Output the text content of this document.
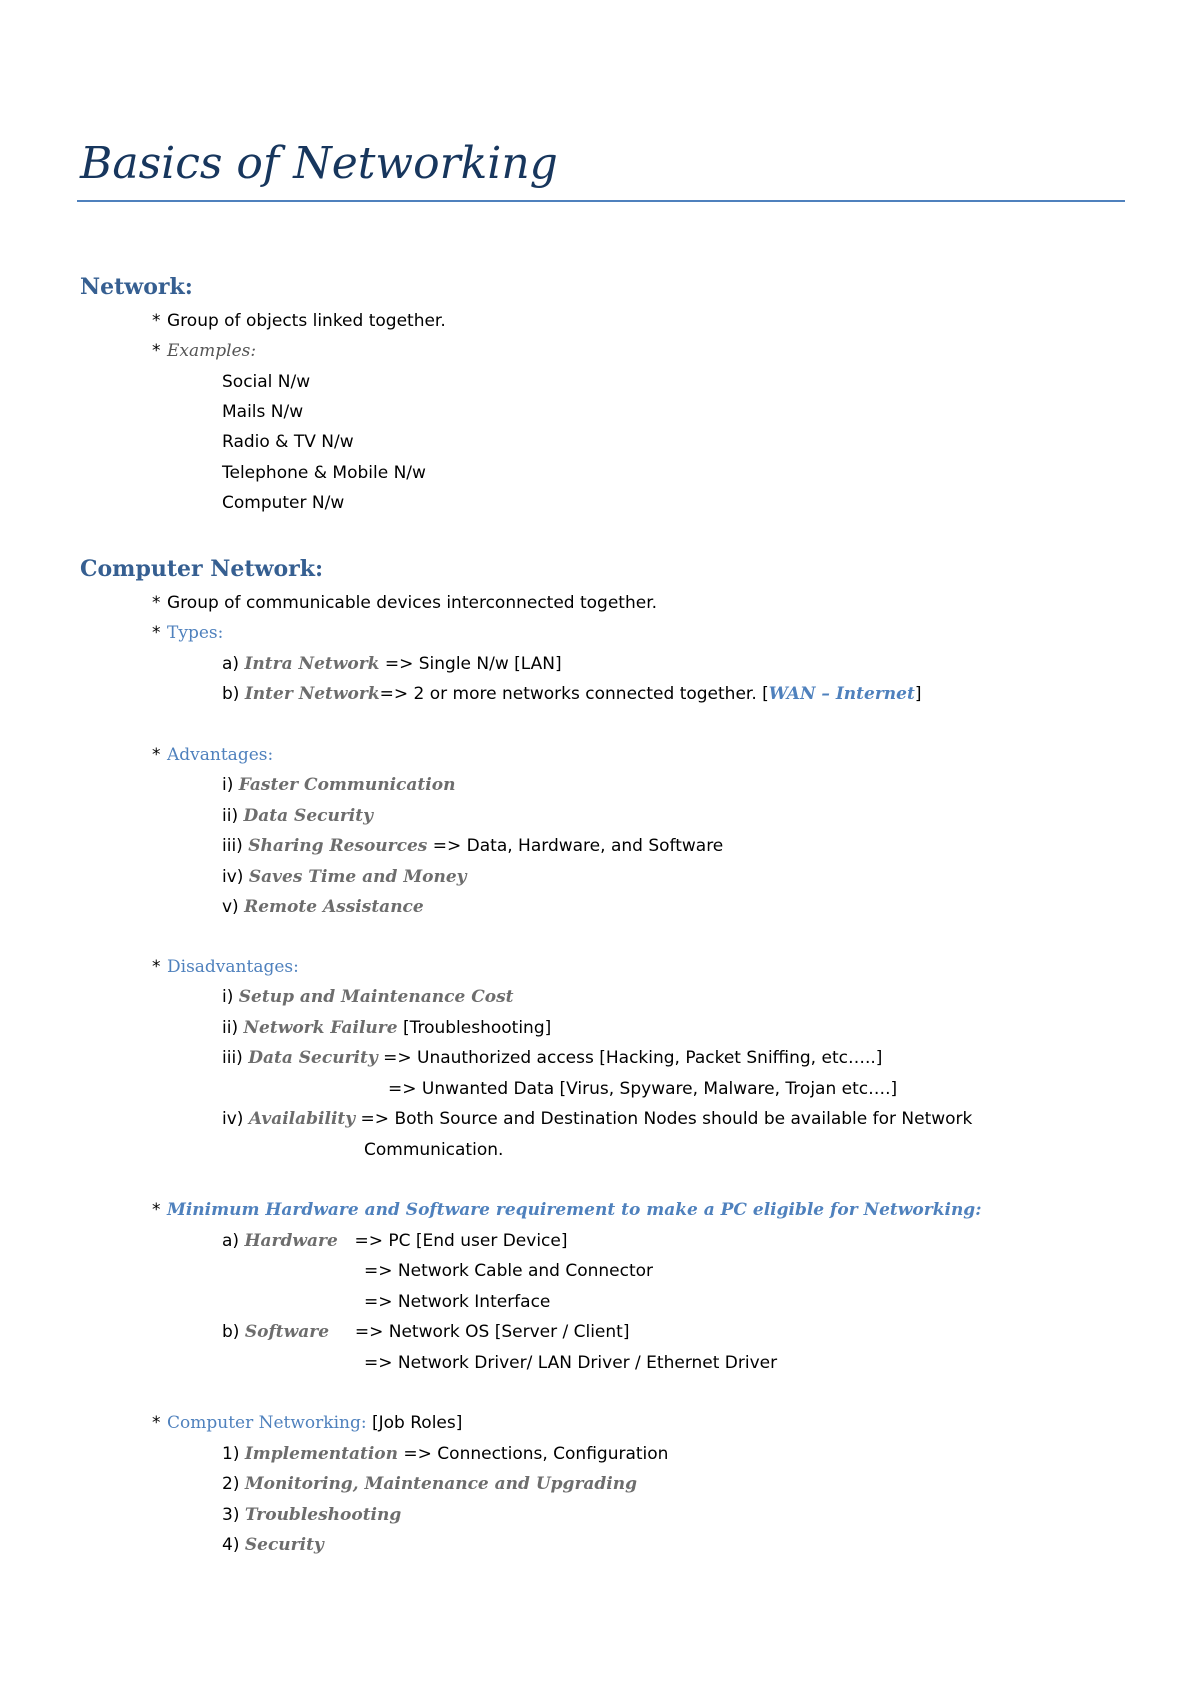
Basics of Networking
Network:
* Group of objects linked together.
* Examples:
Social N/w
Mails N/w
Radio & TV N/w
Telephone & Mobile N/w
Computer N/w
Computer Network:
* Group of communicable devices interconnected together.
* Types:
a) Intra Network => Single N/w [LAN]
b) Inter Network=> 2 or more networks connected together. [WAN – Internet]
* Advantages:
i) Faster Communication
ii) Data Security
iii) Sharing Resources => Data, Hardware, and Software
iv) Saves Time and Money
v) Remote Assistance
* Disadvantages:
i) Setup and Maintenance Cost
ii) Network Failure [Troubleshooting]
iii) Data Security => Unauthorized access [Hacking, Packet Sniffing, etc…..]
=> Unwanted Data [Virus, Spyware, Malware, Trojan etc….]
iv) Availability => Both Source and Destination Nodes should be available for Network
Communication.
* Minimum Hardware and Software requirement to make a PC eligible for Networking:
a) Hardware => PC [End user Device]
=> Network Cable and Connector
=> Network Interface
b) Software => Network OS [Server / Client]
=> Network Driver/ LAN Driver / Ethernet Driver
* Computer Networking: [Job Roles]
1) Implementation => Connections, Configuration
2) Monitoring, Maintenance and Upgrading
3) Troubleshooting
4) Security
